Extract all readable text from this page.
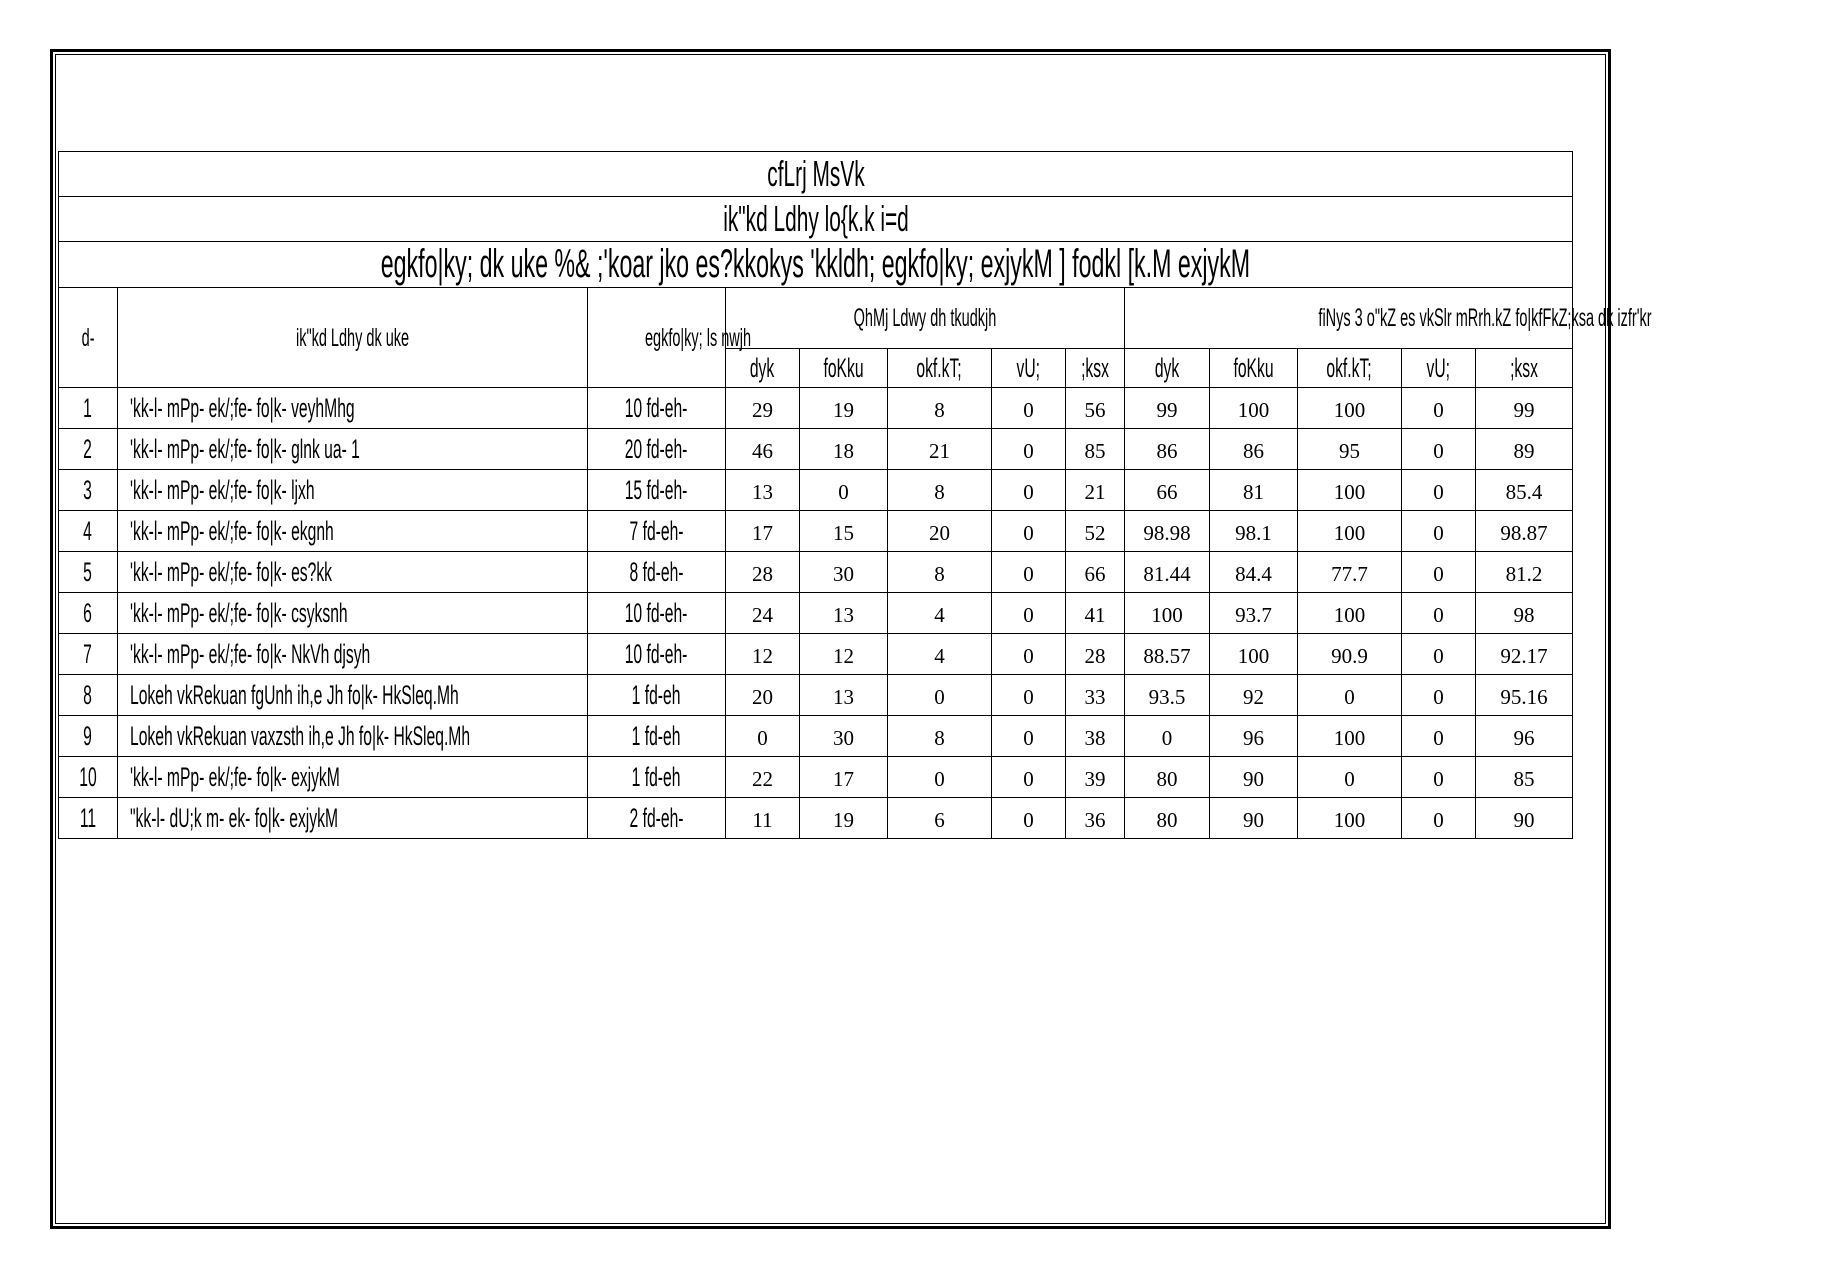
cfLrj MsVk												
ik"kd Ldhy lo{k.k i=d												
egkfo|ky; dk uke %& ;'koar jko es?kkokys 'kkldh; egkfo|ky; exjykM ] fodkl [k.M exjykM												
d-	ik"kd Ldhy dk uke	egkfo|ky; ls nwjh	QhMj Ldwy dh tkudkjh					fiNys 3 o"kZ es vkSlr mRrh.kZ fo|kfFkZ;ksa dk izfr'kr				
			dyk	foKku	okf.kT;	vU;	;ksx	dyk	foKku	okf.kT;	vU;	;ksx
1	'kk-l- mPp- ek/;fe- fo|k- veyhMhg	10 fd-eh-	29	19	8	0	56	99	100	100	0	99
2	'kk-l- mPp- ek/;fe- fo|k- glnk ua- 1	20 fd-eh-	46	18	21	0	85	86	86	95	0	89
3	'kk-l- mPp- ek/;fe- fo|k- ljxh	15 fd-eh-	13	0	8	0	21	66	81	100	0	85.4
4	'kk-l- mPp- ek/;fe- fo|k- ekgnh	7 fd-eh-	17	15	20	0	52	98.98	98.1	100	0	98.87
5	'kk-l- mPp- ek/;fe- fo|k- es?kk	8 fd-eh-	28	30	8	0	66	81.44	84.4	77.7	0	81.2
6	'kk-l- mPp- ek/;fe- fo|k- csyksnh	10 fd-eh-	24	13	4	0	41	100	93.7	100	0	98
7	'kk-l- mPp- ek/;fe- fo|k- NkVh djsyh	10 fd-eh-	12	12	4	0	28	88.57	100	90.9	0	92.17
8	Lokeh vkRekuan fgUnh ih,e Jh fo|k- HkSleq.Mh	1 fd-eh	20	13	0	0	33	93.5	92	0	0	95.16
9	Lokeh vkRekuan vaxzsth ih,e Jh fo|k- HkSleq.Mh	1 fd-eh	0	30	8	0	38	0	96	100	0	96
10	'kk-l- mPp- ek/;fe- fo|k- exjykM	1 fd-eh	22	17	0	0	39	80	90	0	0	85
11	"kk-l- dU;k m- ek- fo|k- exjykM	2 fd-eh-	11	19	6	0	36	80	90	100	0	90
